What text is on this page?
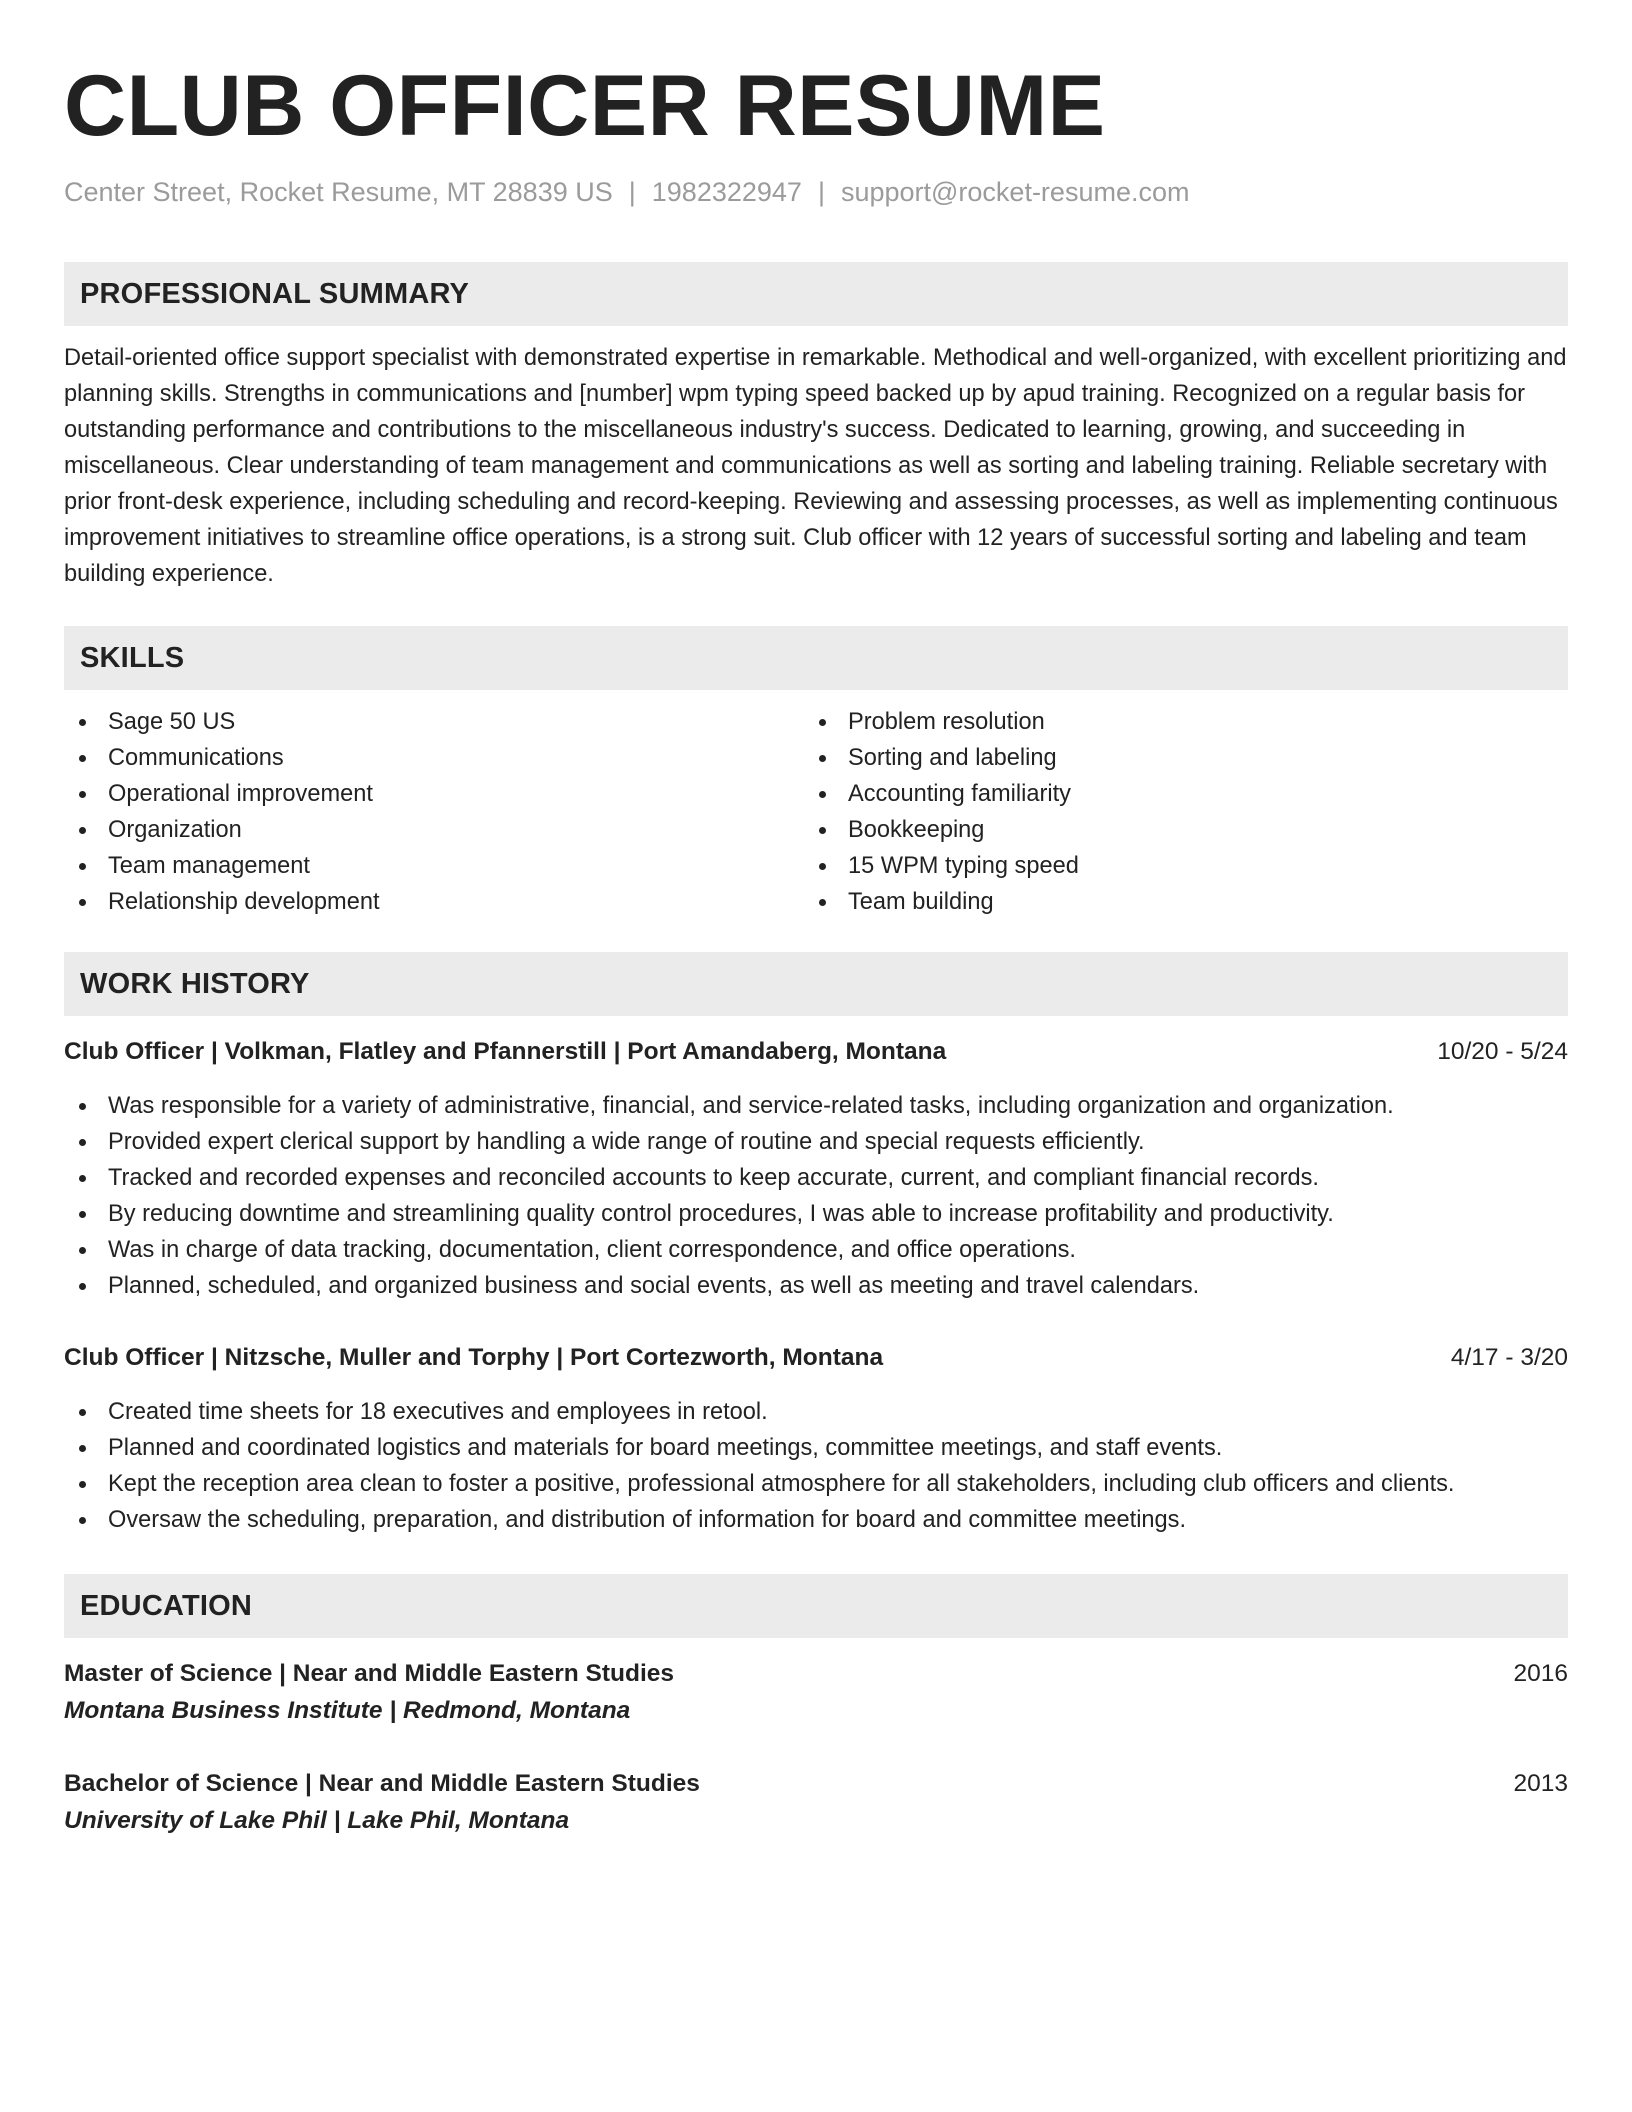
CLUB OFFICER RESUME
Center Street, Rocket Resume, MT 28839 US | 1982322947 | support@rocket-resume.com
PROFESSIONAL SUMMARY
Detail-oriented office support specialist with demonstrated expertise in remarkable. Methodical and well-organized, with excellent prioritizing and planning skills. Strengths in communications and [number] wpm typing speed backed up by apud training. Recognized on a regular basis for outstanding performance and contributions to the miscellaneous industry's success. Dedicated to learning, growing, and succeeding in miscellaneous. Clear understanding of team management and communications as well as sorting and labeling training. Reliable secretary with prior front-desk experience, including scheduling and record-keeping. Reviewing and assessing processes, as well as implementing continuous improvement initiatives to streamline office operations, is a strong suit. Club officer with 12 years of successful sorting and labeling and team building experience.
SKILLS
Sage 50 US
Communications
Operational improvement
Organization
Team management
Relationship development
Problem resolution
Sorting and labeling
Accounting familiarity
Bookkeeping
15 WPM typing speed
Team building
WORK HISTORY
Club Officer | Volkman, Flatley and Pfannerstill | Port Amandaberg, Montana	10/20 - 5/24
Was responsible for a variety of administrative, financial, and service-related tasks, including organization and organization.
Provided expert clerical support by handling a wide range of routine and special requests efficiently.
Tracked and recorded expenses and reconciled accounts to keep accurate, current, and compliant financial records.
By reducing downtime and streamlining quality control procedures, I was able to increase profitability and productivity.
Was in charge of data tracking, documentation, client correspondence, and office operations.
Planned, scheduled, and organized business and social events, as well as meeting and travel calendars.
Club Officer | Nitzsche, Muller and Torphy | Port Cortezworth, Montana	4/17 - 3/20
Created time sheets for 18 executives and employees in retool.
Planned and coordinated logistics and materials for board meetings, committee meetings, and staff events.
Kept the reception area clean to foster a positive, professional atmosphere for all stakeholders, including club officers and clients.
Oversaw the scheduling, preparation, and distribution of information for board and committee meetings.
EDUCATION
Master of Science | Near and Middle Eastern Studies	2016
Montana Business Institute | Redmond, Montana
Bachelor of Science | Near and Middle Eastern Studies	2013
University of Lake Phil | Lake Phil, Montana
